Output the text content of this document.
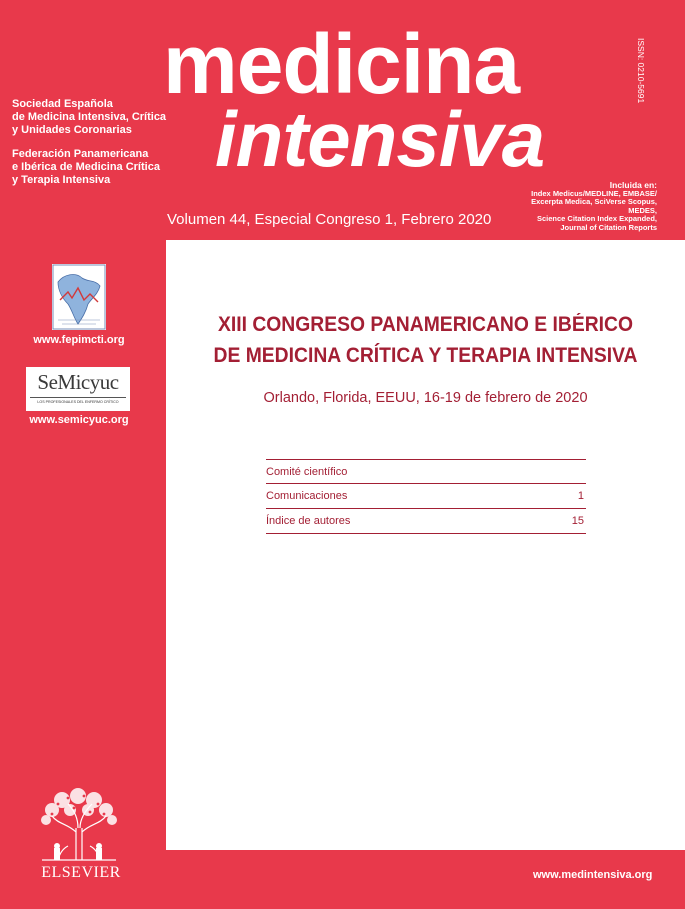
medicina
intensiva
ISSN: 0210-5691
Sociedad Española
de Medicina Intensiva, Crítica
y Unidades Coronarias
Federación Panamericana
e Ibérica de Medicina Crítica
y Terapia Intensiva	Incluida en:
Index Medicus/MEDLINE, EMBASE/
Excerpta Medica, SciVerse Scopus, MEDES,
Science Citation Index Expanded,
Journal of Citation Reports
Volumen 44, Especial Congreso 1, Febrero 2020
www.fepimcti.org
SeMicyuc
LOS PROFESIONALES DEL ENFERMO CRÍTICO
www.semicyuc.org
XIII CONGRESO PANAMERICANO E IBÉRICO
DE MEDICINA CRÍTICA Y TERAPIA INTENSIVA
Orlando, Florida, EEUU, 16-19 de febrero de 2020
Comité científico
Comunicaciones	1
Índice de autores	15
ELSEVIER	www.medintensiva.org
